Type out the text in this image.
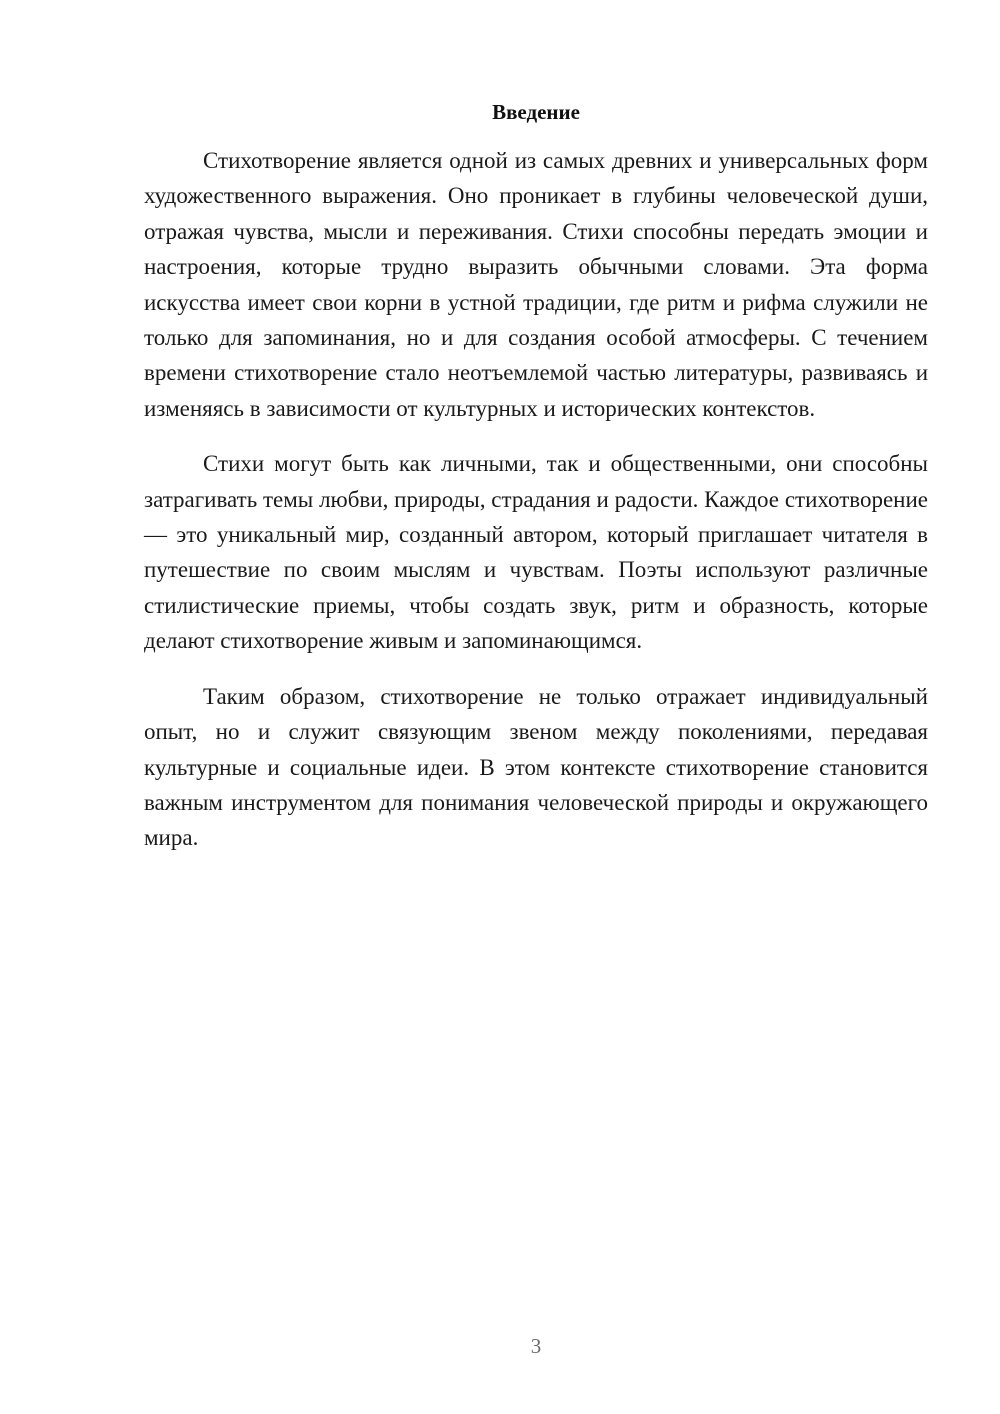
Введение

Стихотворение является одной из самых древних и универсальных форм художественного выражения. Оно проникает в глубины человеческой души, отражая чувства, мысли и переживания. Стихи способны передать эмоции и настроения, которые трудно выразить обычными словами. Эта форма искусства имеет свои корни в устной традиции, где ритм и рифма служили не только для запоминания, но и для создания особой атмосферы. С течением времени стихотворение стало неотъемлемой частью литературы, развиваясь и изменяясь в зависимости от культурных и исторических контекстов.

Стихи могут быть как личными, так и общественными, они способны затрагивать темы любви, природы, страдания и радости. Каждое стихотворение — это уникальный мир, созданный автором, который приглашает читателя в путешествие по своим мыслям и чувствам. Поэты используют различные стилистические приемы, чтобы создать звук, ритм и образность, которые делают стихотворение живым и запоминающимся.

Таким образом, стихотворение не только отражает индивидуальный опыт, но и служит связующим звеном между поколениями, передавая культурные и социальные идеи. В этом контексте стихотворение становится важным инструментом для понимания человеческой природы и окружающего мира.

3
